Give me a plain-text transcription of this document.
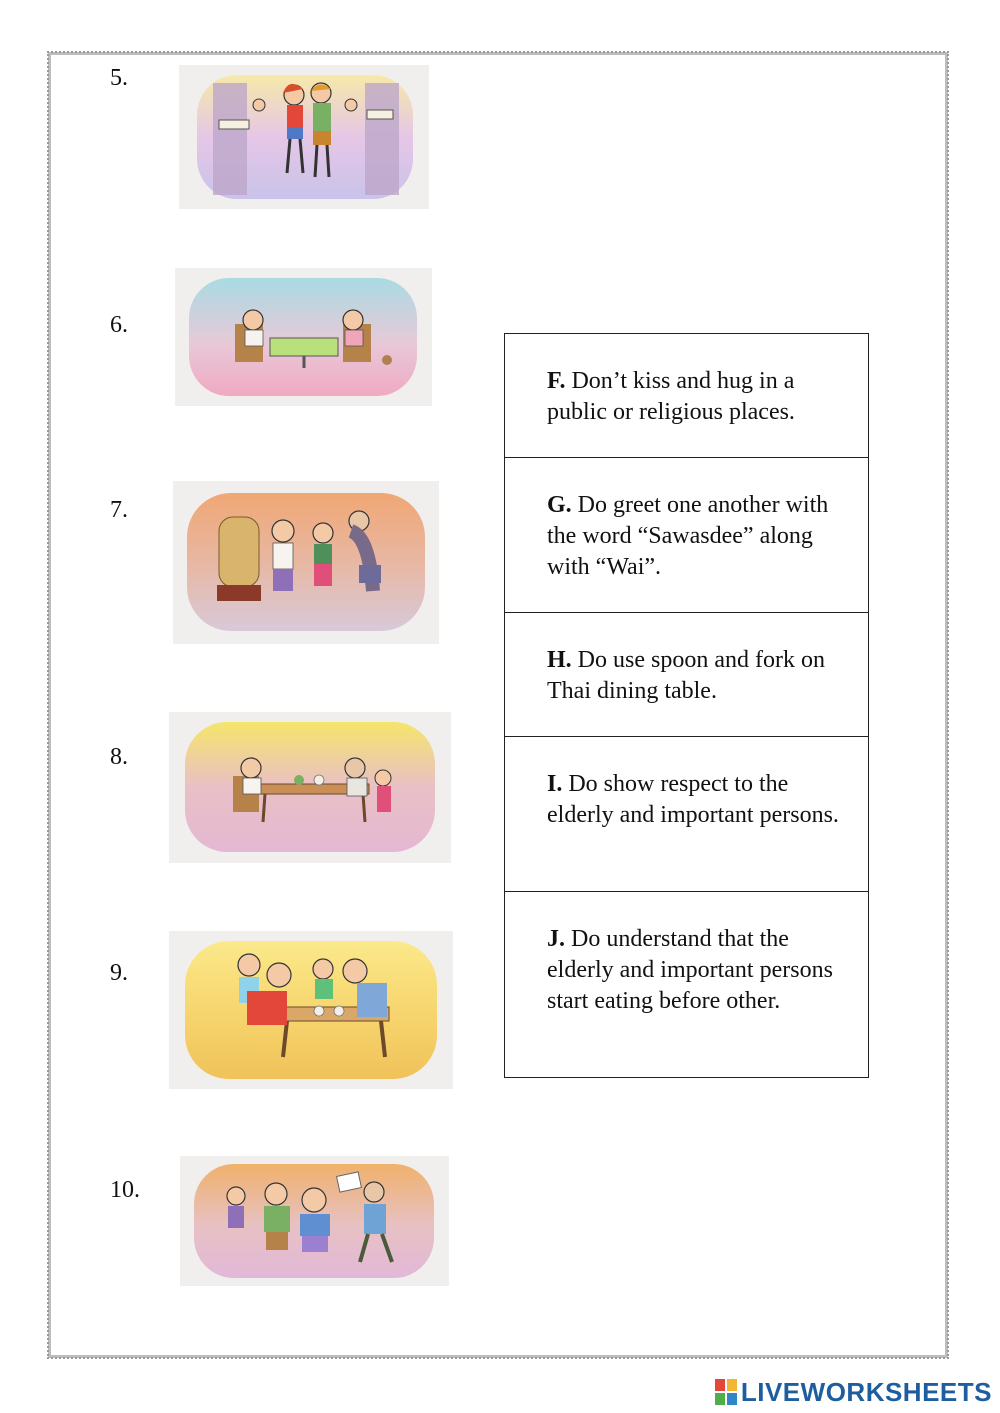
5.
6.
7.
8.
9.
10.
F. Don’t kiss and hug in a public or religious places.
G. Do greet one another with the word “Sawasdee” along with “Wai”.
H. Do use spoon and fork on Thai dining table.
I. Do show respect to the elderly and important persons.
J. Do understand that the elderly and important persons start eating before other.
LIVEWORKSHEETS
